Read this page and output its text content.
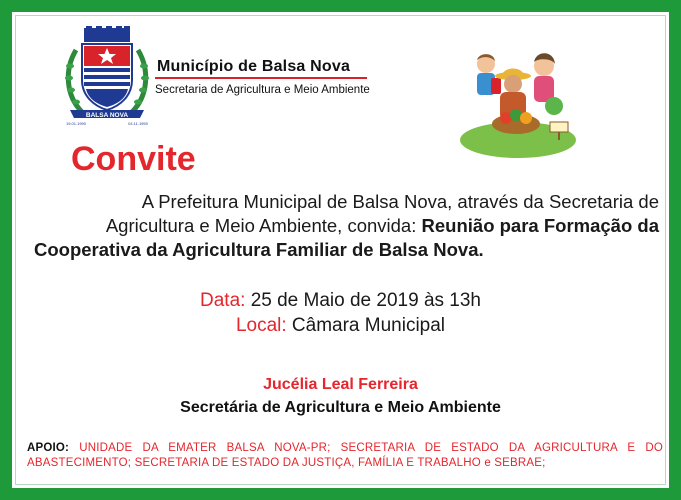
BALSA NOVA
19.01.1990	04.11.1959
Município de Balsa Nova
Secretaria de Agricultura e Meio Ambiente
Convite
A Prefeitura Municipal de Balsa Nova, através da Secretaria de
Agricultura e Meio Ambiente, convida: Reunião para Formação da
Cooperativa da Agricultura Familiar de Balsa Nova.
Data: 25 de Maio de 2019 às 13h
Local: Câmara Municipal
Jucélia Leal Ferreira
Secretária de Agricultura e Meio Ambiente
APOIO: UNIDADE DA EMATER BALSA NOVA-PR; SECRETARIA DE ESTADO DA AGRICULTURA E DO ABASTECIMENTO; SECRETARIA DE ESTADO DA JUSTIÇA, FAMÍLIA E TRABALHO e SEBRAE;
